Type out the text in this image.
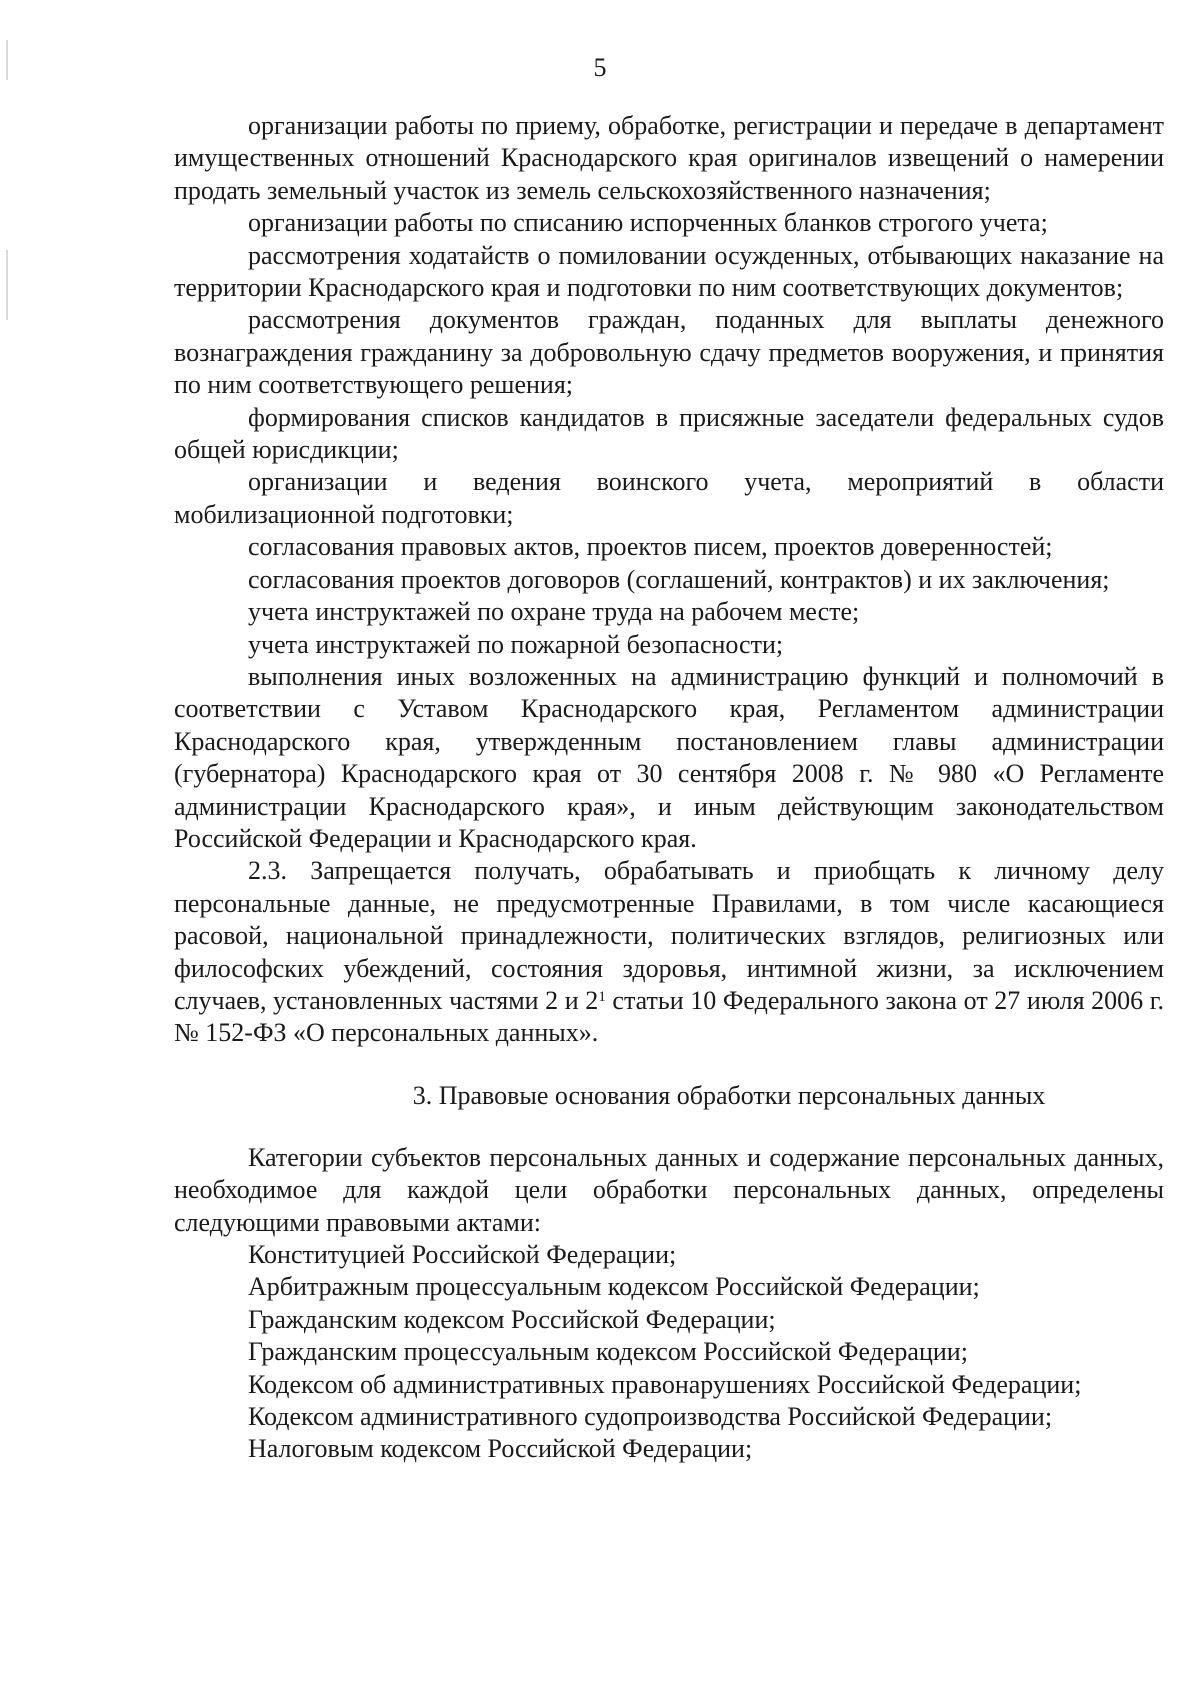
5

организации работы по приему, обработке, регистрации и передаче в департамент имущественных отношений Краснодарского края оригиналов извещений о намерении продать земельный участок из земель сельскохозяйственного назначения;

организации работы по списанию испорченных бланков строгого учета;

рассмотрения ходатайств о помиловании осужденных, отбывающих наказание на территории Краснодарского края и подготовки по ним соответствующих документов;

рассмотрения документов граждан, поданных для выплаты денежного вознаграждения гражданину за добровольную сдачу предметов вооружения, и принятия по ним соответствующего решения;

формирования списков кандидатов в присяжные заседатели федеральных судов общей юрисдикции;

организации и ведения воинского учета, мероприятий в области мобилизационной подготовки;

согласования правовых актов, проектов писем, проектов доверенностей;

согласования проектов договоров (соглашений, контрактов) и их заключения;

учета инструктажей по охране труда на рабочем месте;

учета инструктажей по пожарной безопасности;

выполнения иных возложенных на администрацию функций и полномочий в соответствии с Уставом Краснодарского края, Регламентом администрации Краснодарского края, утвержденным постановлением главы администрации (губернатора) Краснодарского края от 30 сентября 2008 г. № 980 «О Регламенте администрации Краснодарского края», и иным действующим законодательством Российской Федерации и Краснодарского края.

2.3. Запрещается получать, обрабатывать и приобщать к личному делу персональные данные, не предусмотренные Правилами, в том числе касающиеся расовой, национальной принадлежности, политических взглядов, религиозных или философских убеждений, состояния здоровья, интимной жизни, за исключением случаев, установленных частями 2 и $2^1$ статьи 10 Федерального закона от 27 июля 2006 г. № 152-ФЗ «О персональных данных».

3. Правовые основания обработки персональных данных

Категории субъектов персональных данных и содержание персональных данных, необходимое для каждой цели обработки персональных данных, определены следующими правовыми актами:

Конституцией Российской Федерации;

Арбитражным процессуальным кодексом Российской Федерации;

Гражданским кодексом Российской Федерации;

Гражданским процессуальным кодексом Российской Федерации;

Кодексом об административных правонарушениях Российской Федерации;

Кодексом административного судопроизводства Российской Федерации;

Налоговым кодексом Российской Федерации;
